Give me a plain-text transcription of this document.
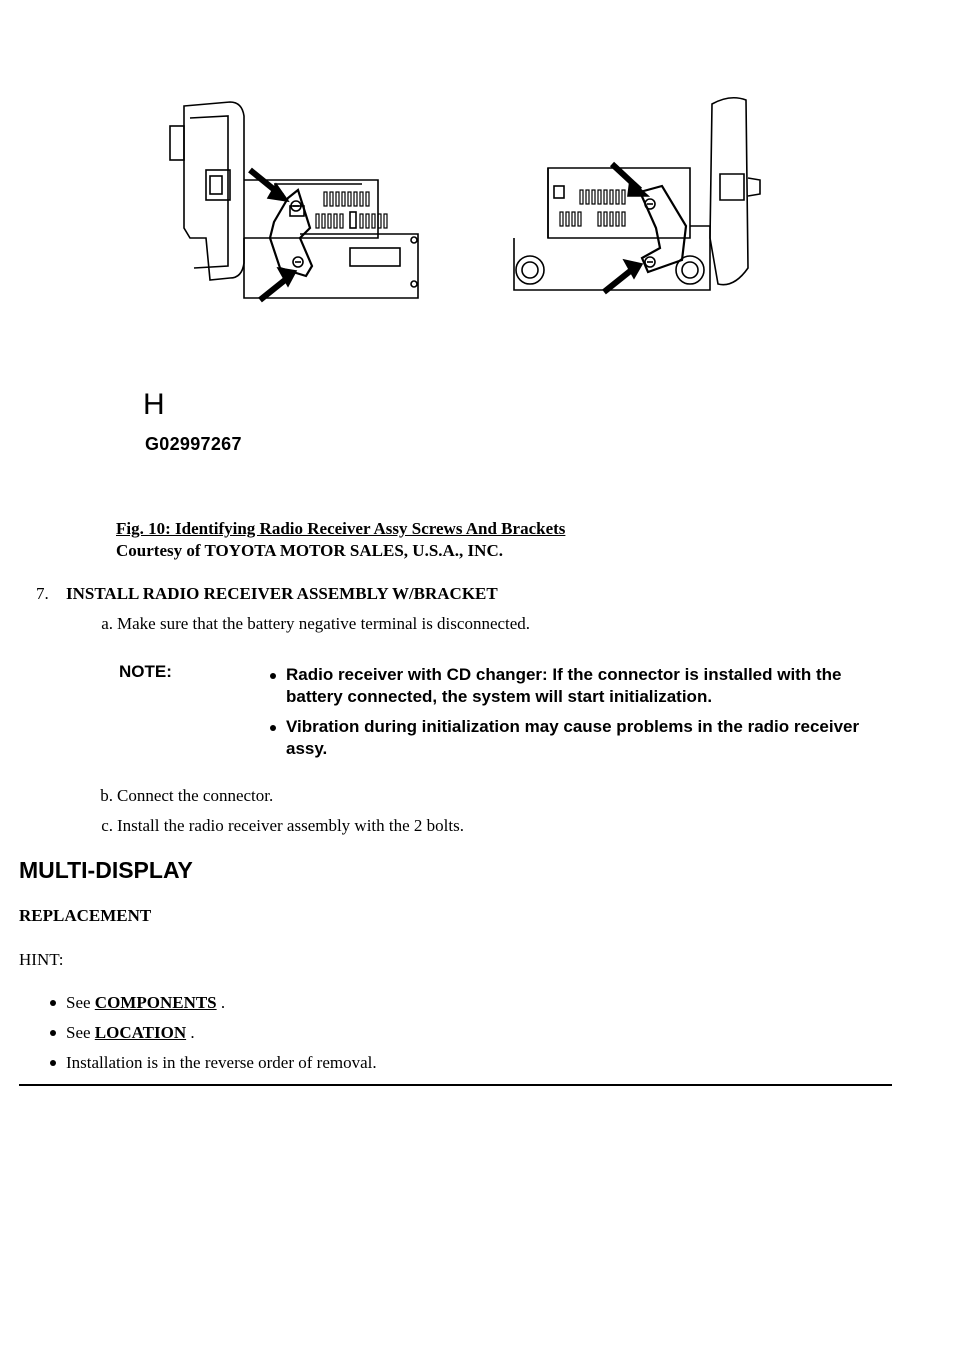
H
G02997267
Fig. 10: Identifying Radio Receiver Assy Screws And Brackets
Courtesy of TOYOTA MOTOR SALES, U.S.A., INC.
7. INSTALL RADIO RECEIVER ASSEMBLY W/BRACKET
a. Make sure that the battery negative terminal is disconnected.
NOTE:	Radio receiver with CD changer: If the connector is installed with the battery connected, the system will start initialization.
Vibration during initialization may cause problems in the radio receiver assy.
b. Connect the connector.
c. Install the radio receiver assembly with the 2 bolts.
MULTI-DISPLAY
REPLACEMENT
HINT:
See COMPONENTS .
See LOCATION .
Installation is in the reverse order of removal.
